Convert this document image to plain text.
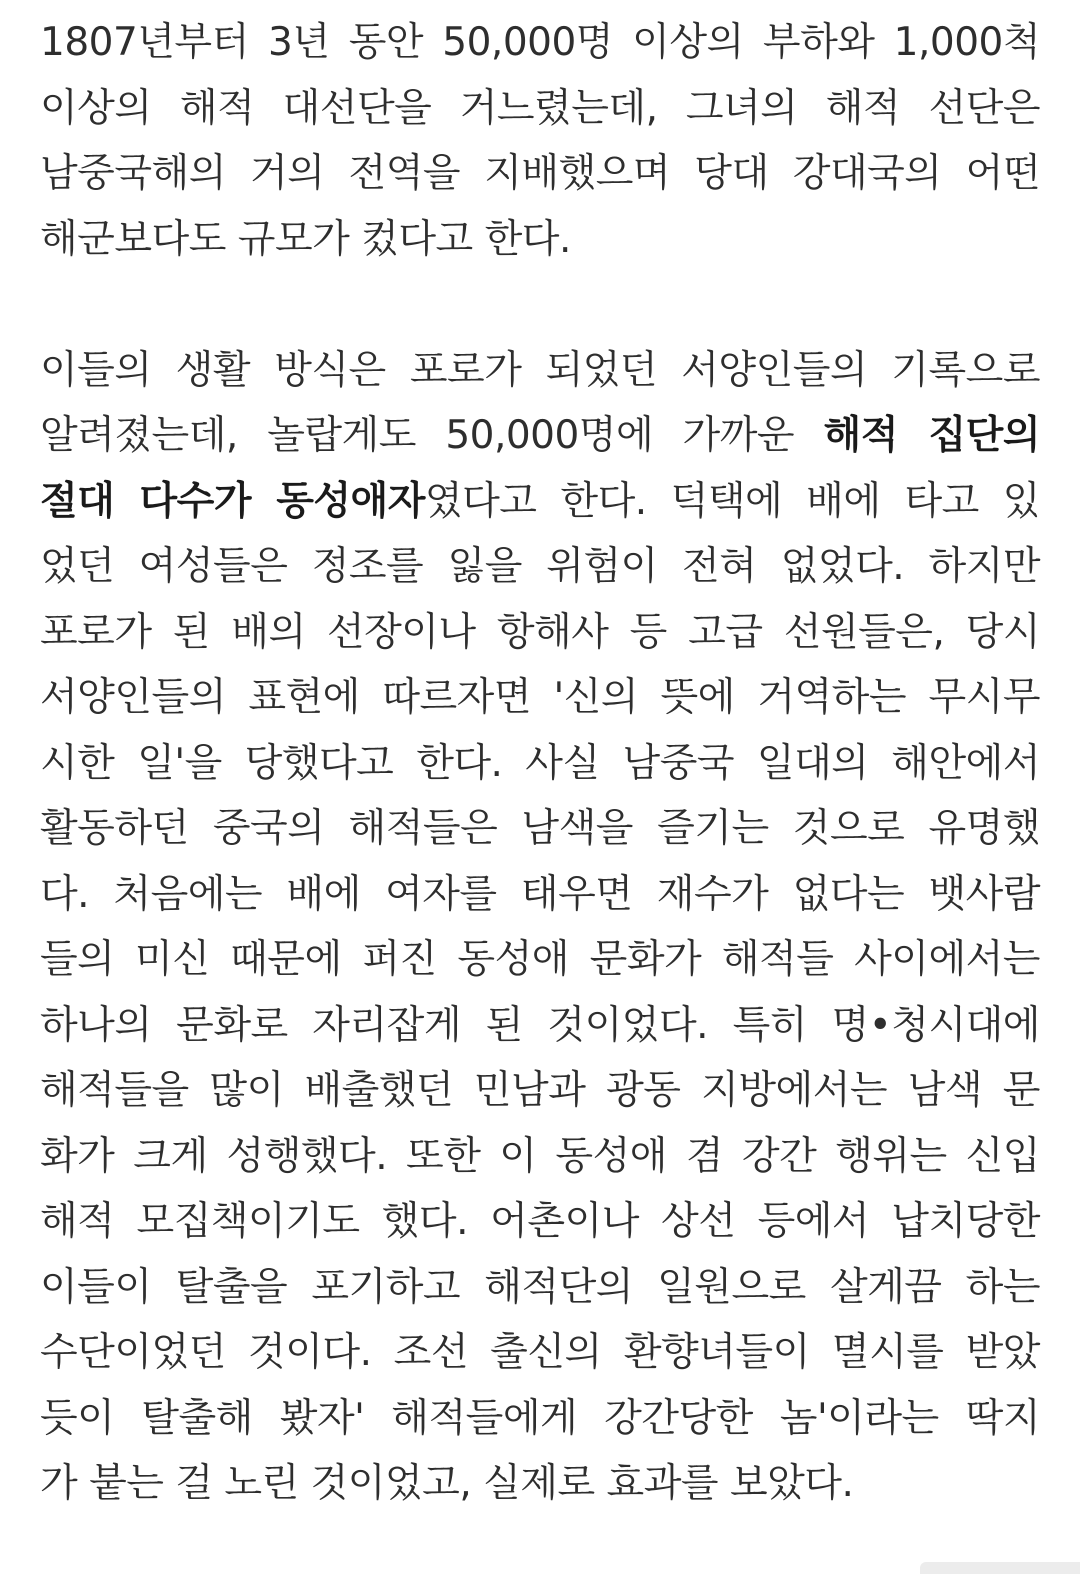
1807년부터 3년 동안 50,000명 이상의 부하와 1,000척
이상의 해적 대선단을 거느렸는데, 그녀의 해적 선단은
남중국해의 거의 전역을 지배했으며 당대 강대국의 어떤
해군보다도 규모가 컸다고 한다.

이들의 생활 방식은 포로가 되었던 서양인들의 기록으로
알려졌는데, 놀랍게도 50,000명에 가까운 해적 집단의
절대 다수가 동성애자였다고 한다. 덕택에 배에 타고 있
었던 여성들은 정조를 잃을 위험이 전혀 없었다. 하지만
포로가 된 배의 선장이나 항해사 등 고급 선원들은, 당시
서양인들의 표현에 따르자면 '신의 뜻에 거역하는 무시무
시한 일'을 당했다고 한다. 사실 남중국 일대의 해안에서
활동하던 중국의 해적들은 남색을 즐기는 것으로 유명했
다. 처음에는 배에 여자를 태우면 재수가 없다는 뱃사람
들의 미신 때문에 퍼진 동성애 문화가 해적들 사이에서는
하나의 문화로 자리잡게 된 것이었다. 특히 명•청시대에
해적들을 많이 배출했던 민남과 광동 지방에서는 남색 문
화가 크게 성행했다. 또한 이 동성애 겸 강간 행위는 신입
해적 모집책이기도 했다. 어촌이나 상선 등에서 납치당한
이들이 탈출을 포기하고 해적단의 일원으로 살게끔 하는
수단이었던 것이다. 조선 출신의 환향녀들이 멸시를 받았
듯이 탈출해 봤자' 해적들에게 강간당한 놈'이라는 딱지
가 붙는 걸 노린 것이었고, 실제로 효과를 보았다.
